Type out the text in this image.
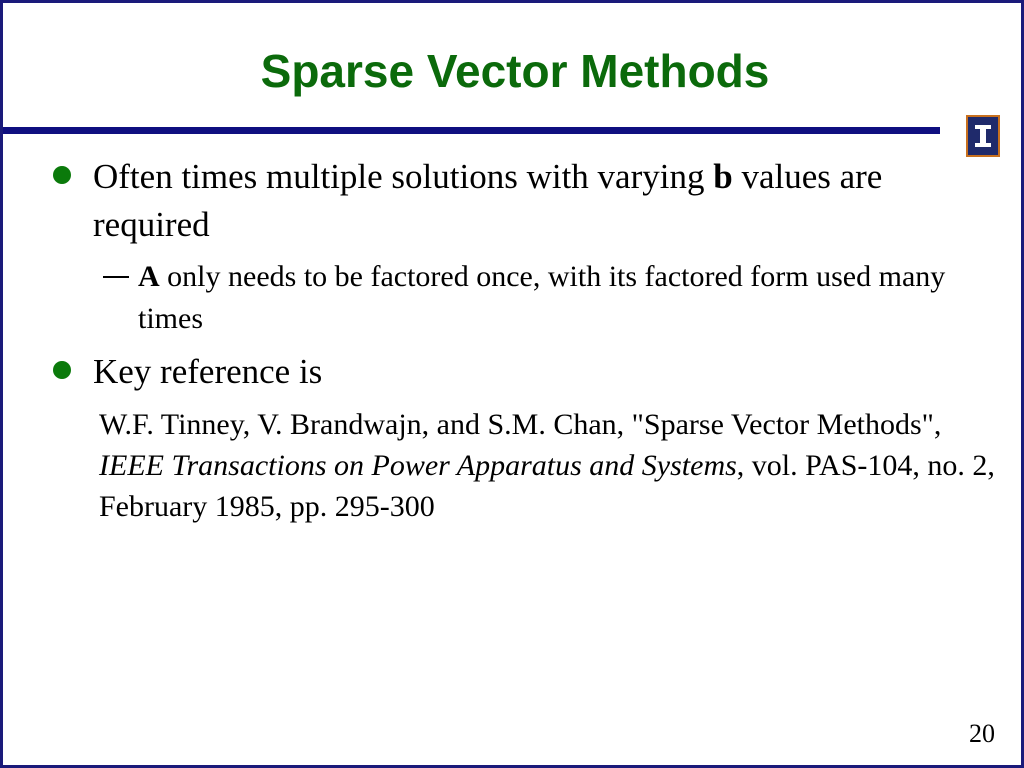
Sparse Vector Methods
Often times multiple solutions with varying b values are required
A only needs to be factored once, with its factored form used many times
Key reference is
W.F. Tinney, V. Brandwajn, and S.M. Chan, "Sparse Vector Methods", IEEE Transactions on Power Apparatus and Systems, vol. PAS-104, no. 2, February 1985, pp. 295-300
20
